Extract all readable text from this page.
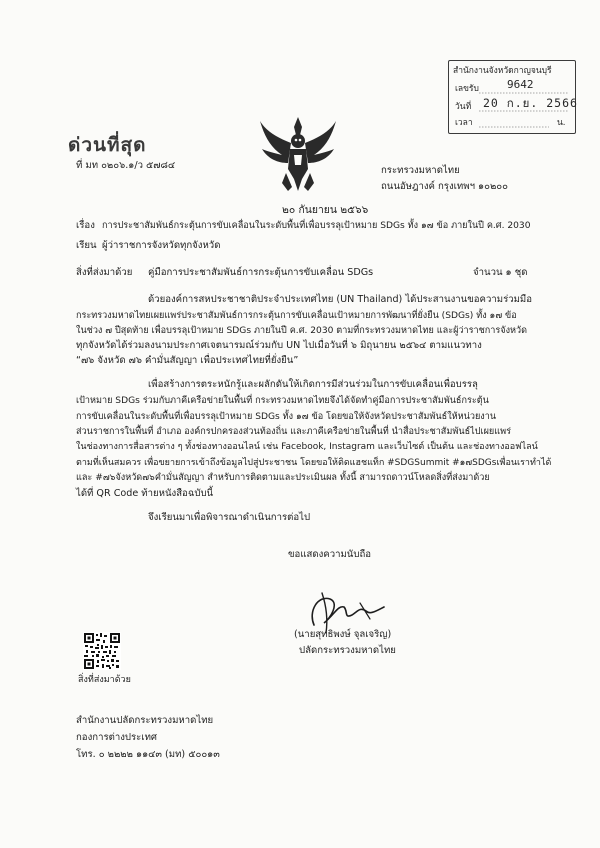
ด่วนที่สุด
สำนักงานจังหวัดกาญจนบุรี
เลขรับ	9642
วันที่ 20 ก.ย. 2566
เวลา	น.
ที่ มท ๐๒๐๖.๑/ว ๕๗๘๔	กระทรวงมหาดไทย
ถนนอัษฎางค์ กรุงเทพฯ ๑๐๒๐๐
๒๐ กันยายน ๒๕๖๖
เรื่อง การประชาสัมพันธ์กระตุ้นการขับเคลื่อนในระดับพื้นที่เพื่อบรรลุเป้าหมาย SDGs ทั้ง ๑๗ ข้อ ภายในปี ค.ศ. 2030
เรียน ผู้ว่าราชการจังหวัดทุกจังหวัด
สิ่งที่ส่งมาด้วย คู่มือการประชาสัมพันธ์การกระตุ้นการขับเคลื่อน SDGs	จำนวน ๑ ชุด
ด้วยองค์การสหประชาชาติประจำประเทศไทย (UN Thailand) ได้ประสานงานขอความร่วมมือ
กระทรวงมหาดไทยเผยแพร่ประชาสัมพันธ์การกระตุ้นการขับเคลื่อนเป้าหมายการพัฒนาที่ยั่งยืน (SDGs) ทั้ง ๑๗ ข้อ
ในช่วง ๗ ปีสุดท้าย เพื่อบรรลุเป้าหมาย SDGs ภายในปี ค.ศ. 2030 ตามที่กระทรวงมหาดไทย และผู้ว่าราชการจังหวัด
ทุกจังหวัดได้ร่วมลงนามประกาศเจตนารมณ์ร่วมกับ UN ไปเมื่อวันที่ ๖ มิถุนายน ๒๕๖๔ ตามแนวทาง
“๗๖ จังหวัด ๗๖ คำมั่นสัญญา เพื่อประเทศไทยที่ยั่งยืน”
เพื่อสร้างการตระหนักรู้และผลักดันให้เกิดการมีส่วนร่วมในการขับเคลื่อนเพื่อบรรลุ
เป้าหมาย SDGs ร่วมกับภาคีเครือข่ายในพื้นที่ กระทรวงมหาดไทยจึงได้จัดทำคู่มือการประชาสัมพันธ์กระตุ้น
การขับเคลื่อนในระดับพื้นที่เพื่อบรรลุเป้าหมาย SDGs ทั้ง ๑๗ ข้อ โดยขอให้จังหวัดประชาสัมพันธ์ให้หน่วยงาน
ส่วนราชการในพื้นที่ อำเภอ องค์กรปกครองส่วนท้องถิ่น และภาคีเครือข่ายในพื้นที่ นำสื่อประชาสัมพันธ์ไปเผยแพร่
ในช่องทางการสื่อสารต่าง ๆ ทั้งช่องทางออนไลน์ เช่น Facebook, Instagram และเว็บไซต์ เป็นต้น และช่องทางออฟไลน์
ตามที่เห็นสมควร เพื่อขยายการเข้าถึงข้อมูลไปสู่ประชาชน โดยขอให้ติดแฮชแท็ก #SDGSummit #๑๗SDGsเพื่อนเราทำได้
และ #๗๖จังหวัด๗๖คำมั่นสัญญา สำหรับการติดตามและประเมินผล ทั้งนี้ สามารถดาวน์โหลดสิ่งที่ส่งมาด้วย
ได้ที่ QR Code ท้ายหนังสือฉบับนี้
จึงเรียนมาเพื่อพิจารณาดำเนินการต่อไป
ขอแสดงความนับถือ
(นายสุทธิพงษ์ จุลเจริญ)
ปลัดกระทรวงมหาดไทย
สิ่งที่ส่งมาด้วย
สำนักงานปลัดกระทรวงมหาดไทย
กองการต่างประเทศ
โทร. ๐ ๒๒๒๒ ๑๑๔๓ (มท) ๕๐๐๑๓
